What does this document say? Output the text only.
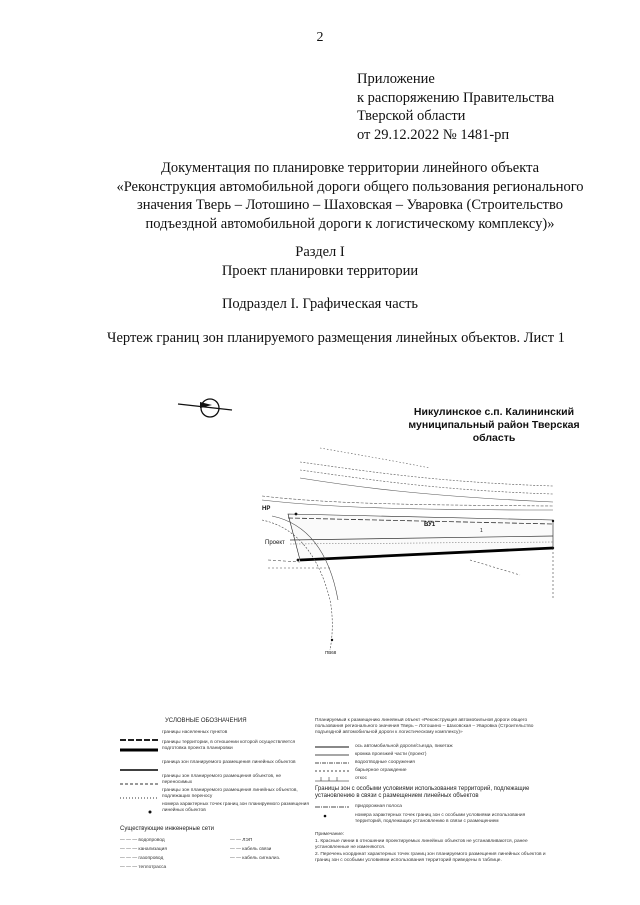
2
Приложение
к распоряжению Правительства
Тверской области
от 29.12.2022 № 1481-рп
Документация по планировке территории линейного объекта
«Реконструкция автомобильной дороги общего пользования регионального
значения Тверь – Лотошино – Шаховская – Уваровка (Строительство
подъездной автомобильной дороги к логистическому комплексу)»
Раздел I
Проект планировки территории
Подраздел I. Графическая часть
Чертеж границ зон планируемого размещения линейных объектов. Лист 1
Никулинское с.п. Калининский
муниципальный район Тверская
область
НР
ВУ1
1
Проект
ПВ68
УСЛОВНЫЕ ОБОЗНАЧЕНИЯ
границы населенных пунктов
границы территории, в отношении которой осуществляется подготовка проекта планировки
граница зон планируемого размещения линейных объектов
границы зон планируемого размещения объектов, не переносимых
границы зон планируемого размещения линейных объектов, подлежащих переносу
номера характерных точек границ зон планируемого размещения линейных объектов
Существующие инженерные сети
— — — водопровод
— — — канализация
— — — газопровод
— — — теплотрасса
— — ЛЭП
— — кабель связи
— — кабель сигнализ.
Планируемый к размещению линейный объект «Реконструкция автомобильной дороги общего пользования регионального значения Тверь – Лотошино – Шаховская – Уваровка (Строительство подъездной автомобильной дороги к логистическому комплексу)»
ось автомобильной дороги/съезда, пикетаж
кромка проезжей части (проект)
водоотводные сооружения
барьерное ограждение
откос
Границы зон с особыми условиями использования территорий, подлежащие установлению в связи с размещением линейных объектов
придорожная полоса
номера характерных точек границ зон с особыми условиями использования территорий, подлежащих установлению в связи с размещением
Примечание:
1. Красные линии в отношении проектируемых линейных объектов не устанавливаются, ранее установленные не изменяются.
2. Перечень координат характерных точек границ зон планируемого размещения линейных объектов и границ зон с особыми условиями использования территорий приведены в таблице.
